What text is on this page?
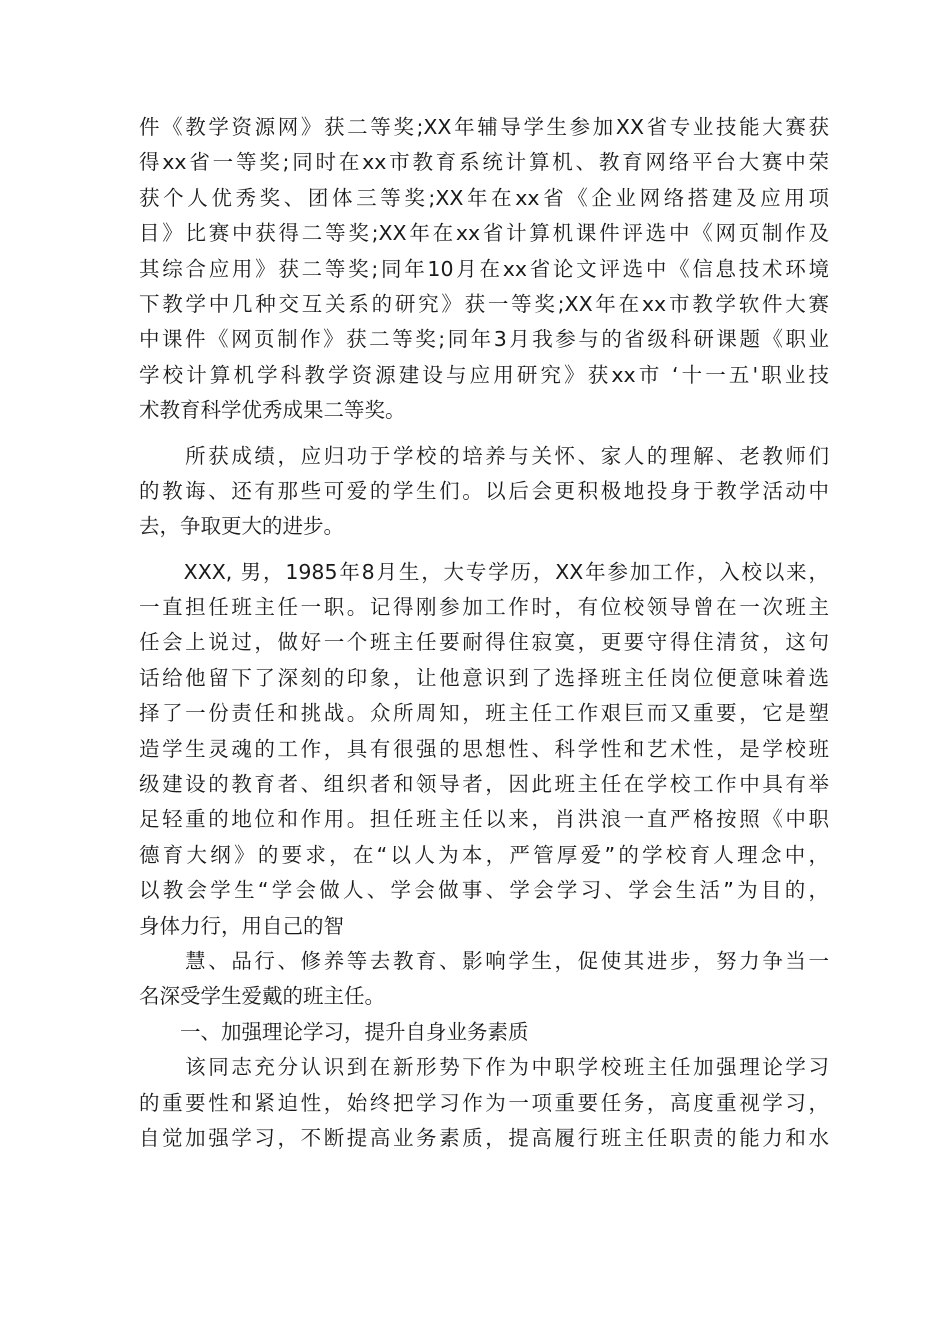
件《教学资源网》获二等奖;XX年辅导学生参加XX省专业技能大赛获
得xx省一等奖;同时在xx市教育系统计算机、教育网络平台大赛中荣
获个人优秀奖、团体三等奖;XX年在xx省《企业网络搭建及应用项
目》比赛中获得二等奖;XX年在xx省计算机课件评选中《网页制作及
其综合应用》获二等奖;同年10月在xx省论文评选中《信息技术环境
下教学中几种交互关系的研究》获一等奖;XX年在xx市教学软件大赛
中课件《网页制作》获二等奖;同年3月我参与的省级科研课题《职业
学校计算机学科教学资源建设与应用研究》获xx市 ‘十一五'职业技
术教育科学优秀成果二等奖。
　　所获成绩，应归功于学校的培养与关怀、家人的理解、老教师们
的教诲、还有那些可爱的学生们。以后会更积极地投身于教学活动中
去，争取更大的进步。
　　XXX, 男，1985年8月生，大专学历，XX年参加工作，入校以来，
一直担任班主任一职。记得刚参加工作时，有位校领导曾在一次班主
任会上说过，做好一个班主任要耐得住寂寞，更要守得住清贫，这句
话给他留下了深刻的印象，让他意识到了选择班主任岗位便意味着选
择了一份责任和挑战。众所周知，班主任工作艰巨而又重要，它是塑
造学生灵魂的工作，具有很强的思想性、科学性和艺术性，是学校班
级建设的教育者、组织者和领导者，因此班主任在学校工作中具有举
足轻重的地位和作用。担任班主任以来，肖洪浪一直严格按照《中职
德育大纲》的要求，在“以人为本，严管厚爱”的学校育人理念中，
以教会学生“学会做人、学会做事、学会学习、学会生活”为目的，
身体力行，用自己的智
　　慧、品行、修养等去教育、影响学生，促使其进步，努力争当一
名深受学生爱戴的班主任。
　　一、加强理论学习，提升自身业务素质
　　该同志充分认识到在新形势下作为中职学校班主任加强理论学习
的重要性和紧迫性，始终把学习作为一项重要任务，高度重视学习，
自觉加强学习，不断提高业务素质，提高履行班主任职责的能力和水
